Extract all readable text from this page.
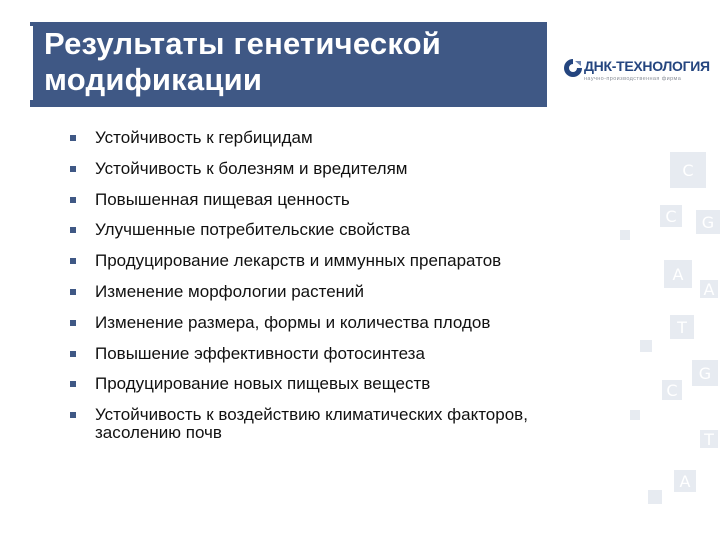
C
C	G
A
A
T
G
C
T
A
Результаты генетической
модификации	ДНК-ТЕХНОЛОГИЯ
научно-производственная фирма
Устойчивость к гербицидам
Устойчивость к болезням и вредителям
Повышенная пищевая ценность
Улучшенные потребительские свойства
Продуцирование лекарств и иммунных препаратов
Изменение морфологии растений
Изменение размера, формы и количества плодов
Повышение эффективности фотосинтеза
Продуцирование новых пищевых веществ
Устойчивость к воздействию климатических факторов, засолению почв
